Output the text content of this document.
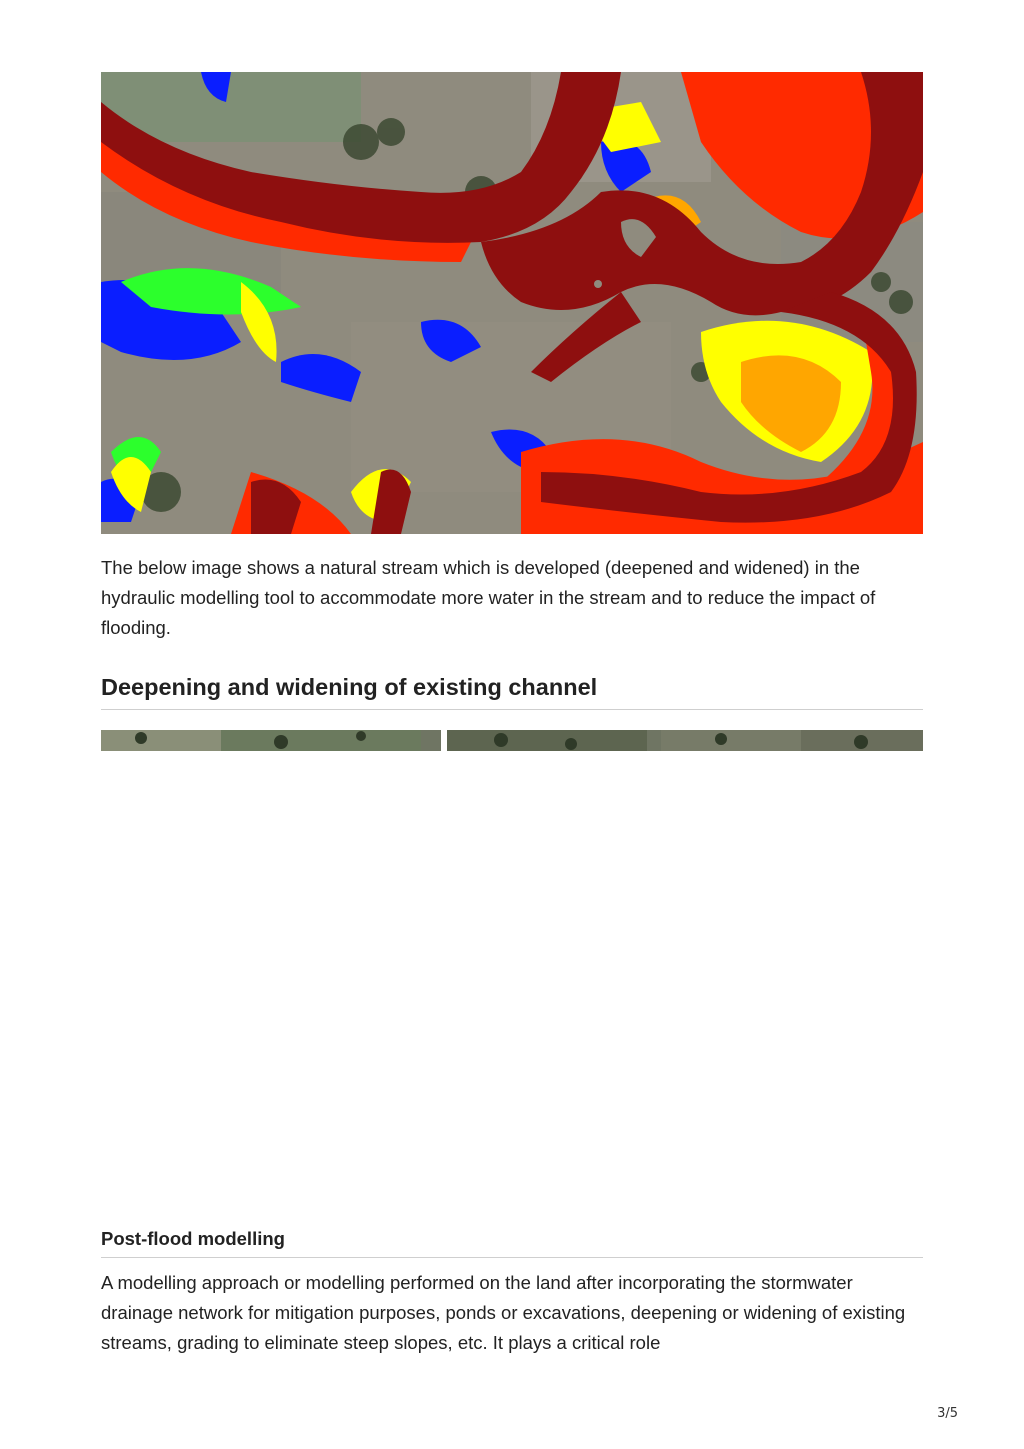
The below image shows a natural stream which is developed (deepened and widened) in the hydraulic modelling tool to accommodate more water in the stream and to reduce the impact of flooding.

Deepening and widening of existing channel
Post-flood modelling

A modelling approach or modelling performed on the land after incorporating the stormwater drainage network for mitigation purposes, ponds or excavations, deepening or widening of existing streams, grading to eliminate steep slopes, etc. It plays a critical role

3/5
